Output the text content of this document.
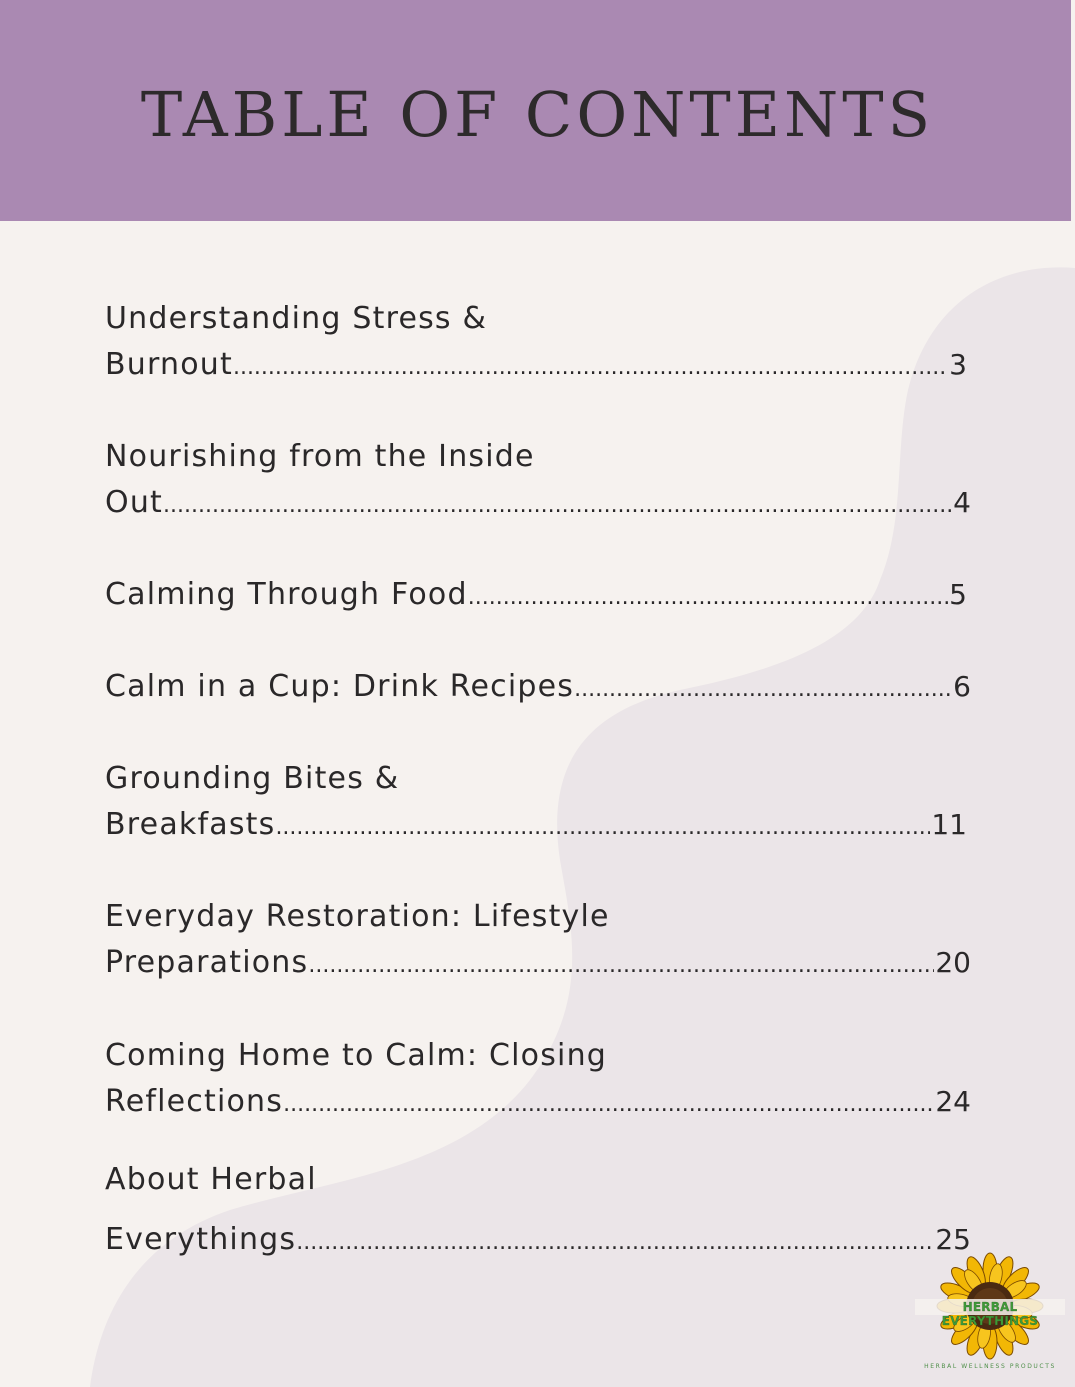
TABLE OF CONTENTS
Understanding Stress &
Burnout .....	3
Nourishing from the Inside
Out .....	4
Calming Through Food .....	5
Calm in a Cup: Drink Recipes .....	6
Grounding Bites &
Breakfasts .....	11
Everyday Restoration: Lifestyle
Preparations .....	20
Coming Home to Calm: Closing
Reflections .....	24
About Herbal
Everythings .....	25
HERBAL EVERYTHINGS
HERBAL WELLNESS PRODUCTS
